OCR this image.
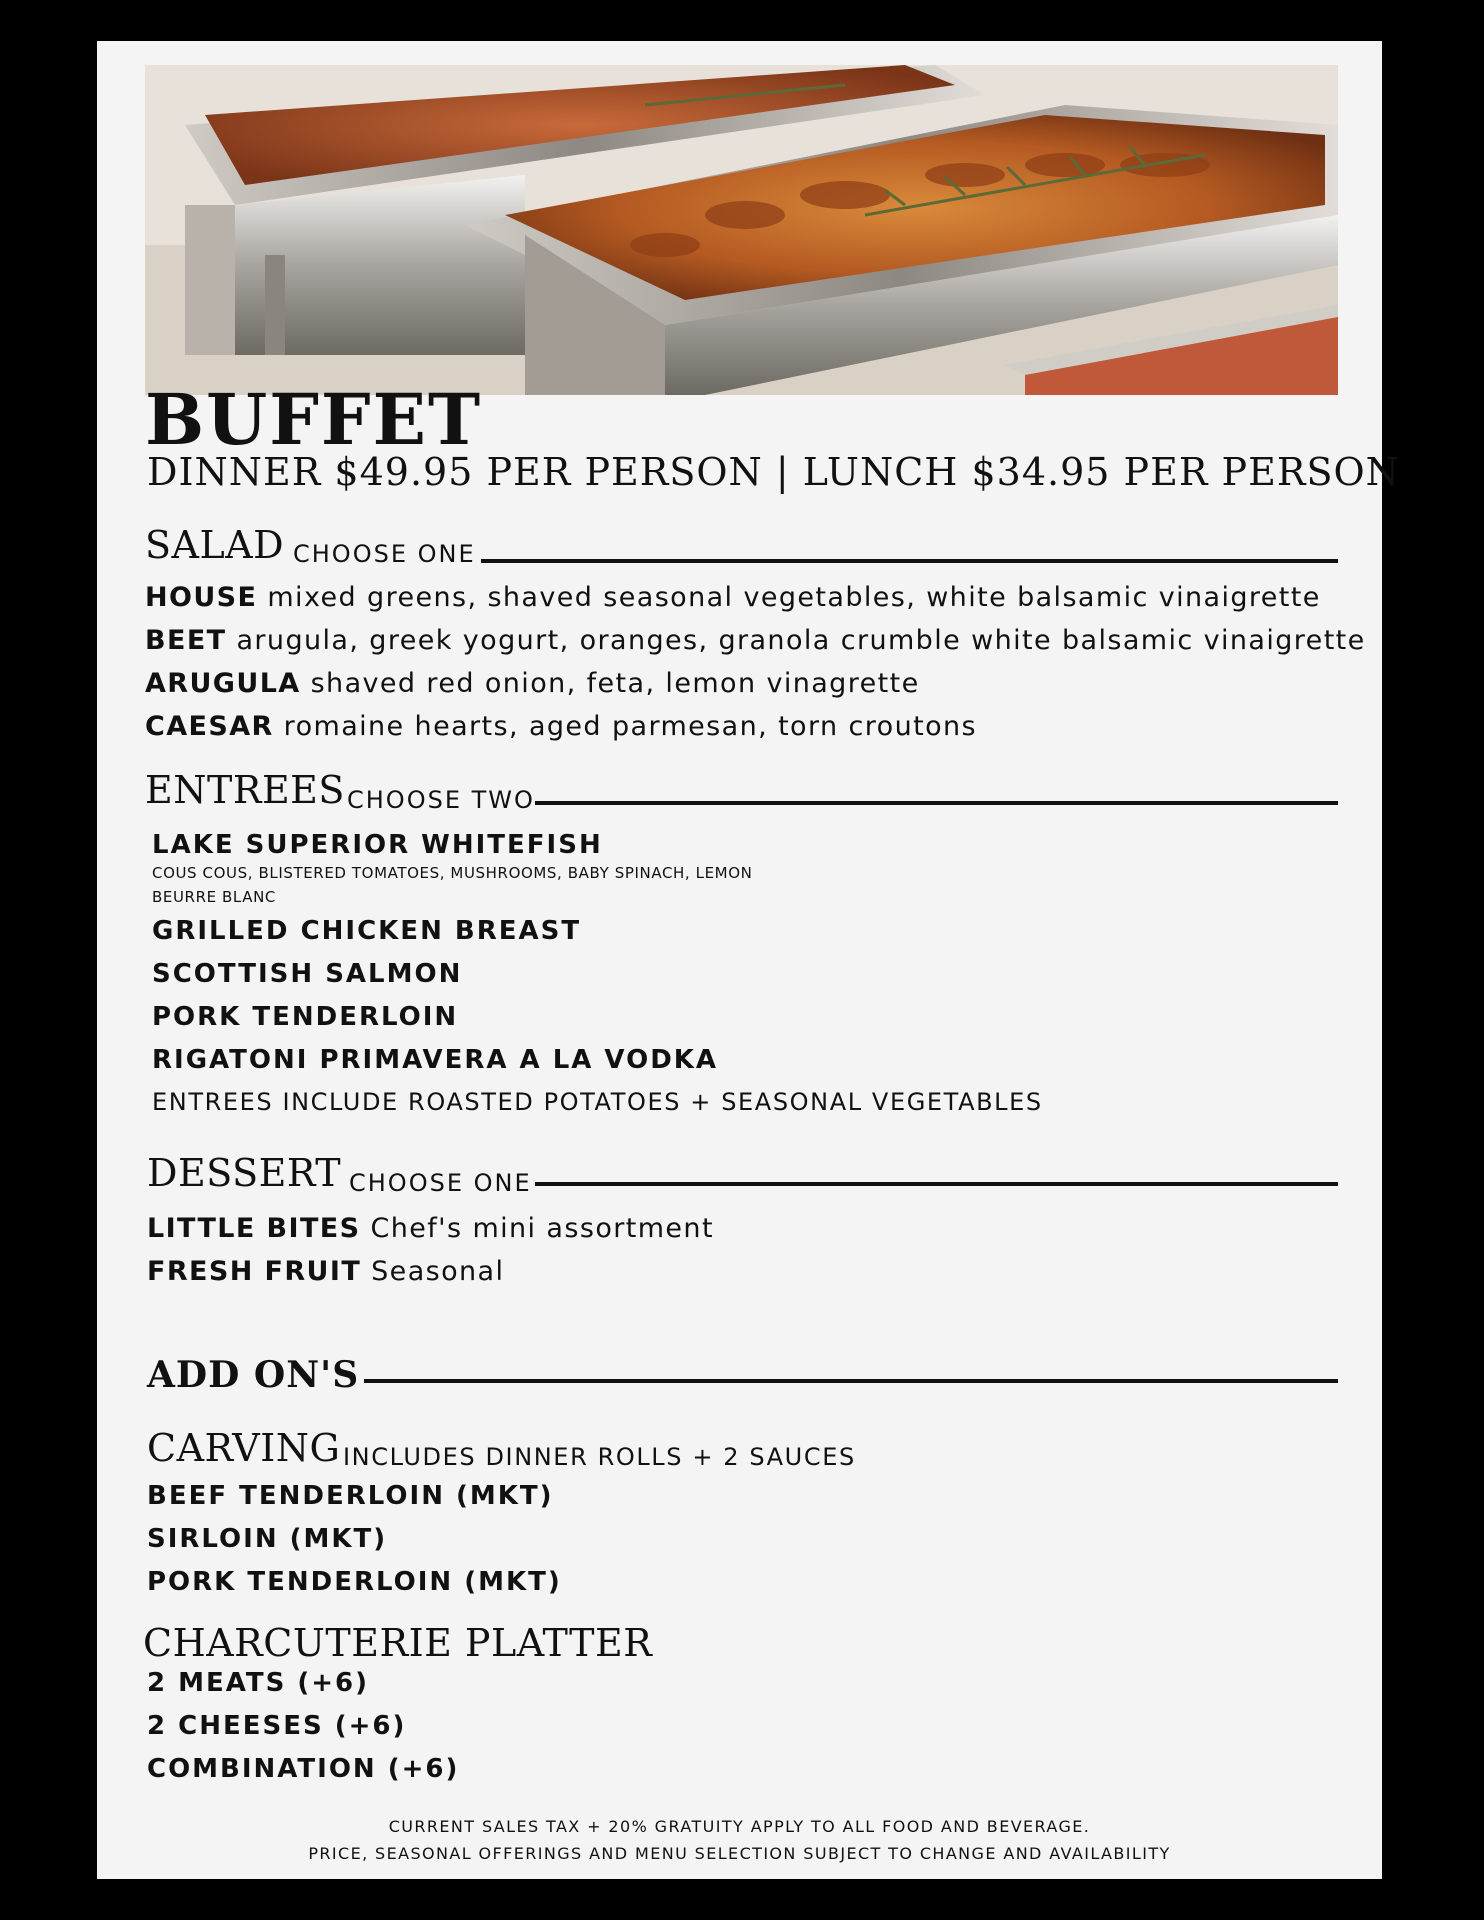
BUFFET
DINNER $49.95 PER PERSON | LUNCH $34.95 PER PERSON
SALAD CHOOSE ONE
HOUSE mixed greens, shaved seasonal vegetables, white balsamic vinaigrette
BEET arugula, greek yogurt, oranges, granola crumble white balsamic vinaigrette
ARUGULA shaved red onion, feta, lemon vinagrette
CAESAR romaine hearts, aged parmesan, torn croutons
ENTREES CHOOSE TWO
LAKE SUPERIOR WHITEFISH
COUS COUS, BLISTERED TOMATOES, MUSHROOMS, BABY SPINACH, LEMON BEURRE BLANC
GRILLED CHICKEN BREAST
SCOTTISH SALMON
PORK TENDERLOIN
RIGATONI PRIMAVERA A LA VODKA
ENTREES INCLUDE ROASTED POTATOES + SEASONAL VEGETABLES
DESSERT CHOOSE ONE
LITTLE BITES Chef's mini assortment
FRESH FRUIT Seasonal
ADD ON'S
CARVING INCLUDES DINNER ROLLS + 2 SAUCES
BEEF TENDERLOIN (MKT)
SIRLOIN (MKT)
PORK TENDERLOIN (MKT)
CHARCUTERIE PLATTER
2 MEATS (+6)
2 CHEESES (+6)
COMBINATION (+6)
CURRENT SALES TAX + 20% GRATUITY APPLY TO ALL FOOD AND BEVERAGE.
PRICE, SEASONAL OFFERINGS AND MENU SELECTION SUBJECT TO CHANGE AND AVAILABILITY
